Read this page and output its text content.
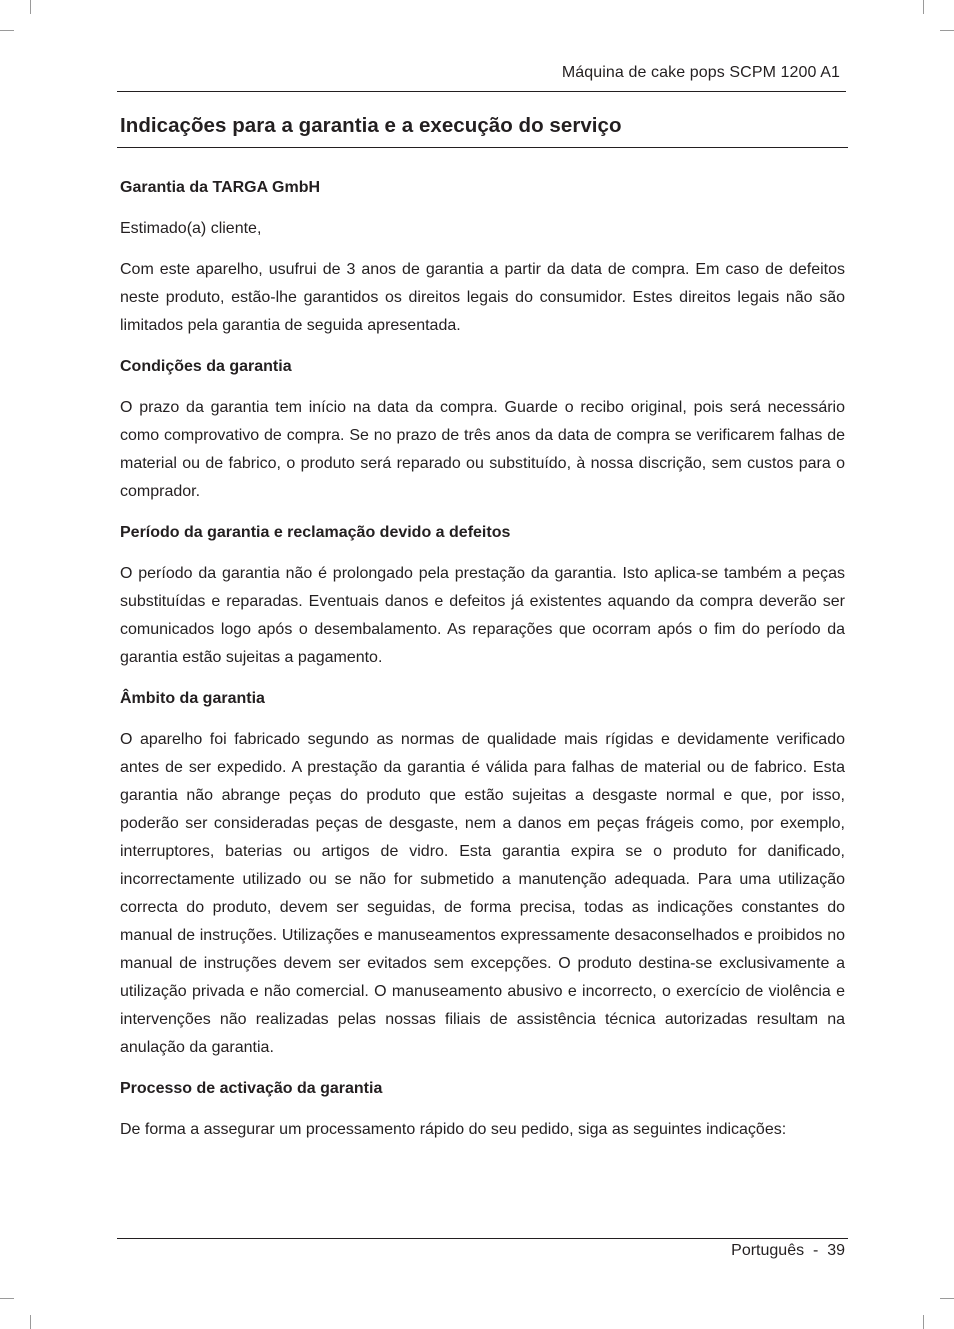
Máquina de cake pops SCPM 1200 A1
Indicações para a garantia e a execução do serviço
Garantia da TARGA GmbH

Estimado(a) cliente,

Com este aparelho, usufrui de 3 anos de garantia a partir da data de compra. Em caso de defeitos neste produto, estão-lhe garantidos os direitos legais do consumidor. Estes direitos legais não são limitados pela garantia de seguida apresentada.

Condições da garantia

O prazo da garantia tem início na data da compra. Guarde o recibo original, pois será necessário como comprovativo de compra. Se no prazo de três anos da data de compra se verificarem falhas de material ou de fabrico, o produto será reparado ou substituído, à nossa discrição, sem custos para o comprador.

Período da garantia e reclamação devido a defeitos

O período da garantia não é prolongado pela prestação da garantia. Isto aplica-se também a peças substituídas e reparadas. Eventuais danos e defeitos já existentes aquando da compra deverão ser comunicados logo após o desembalamento. As reparações que ocorram após o fim do período da garantia estão sujeitas a pagamento.

Âmbito da garantia

O aparelho foi fabricado segundo as normas de qualidade mais rígidas e devidamente verificado antes de ser expedido. A prestação da garantia é válida para falhas de material ou de fabrico. Esta garantia não abrange peças do produto que estão sujeitas a desgaste normal e que, por isso, poderão ser consideradas peças de desgaste, nem a danos em peças frágeis como, por exemplo, interruptores, baterias ou artigos de vidro. Esta garantia expira se o produto for danificado, incorrectamente utilizado ou se não for submetido a manutenção adequada. Para uma utilização correcta do produto, devem ser seguidas, de forma precisa, todas as indicações constantes do manual de instruções. Utilizações e manuseamentos expressamente desaconselhados e proibidos no manual de instruções devem ser evitados sem excepções. O produto destina-se exclusivamente a utilização privada e não comercial. O manuseamento abusivo e incorrecto, o exercício de violência e intervenções não realizadas pelas nossas filiais de assistência técnica autorizadas resultam na anulação da garantia.

Processo de activação da garantia

De forma a assegurar um processamento rápido do seu pedido, siga as seguintes indicações:

Português - 39
